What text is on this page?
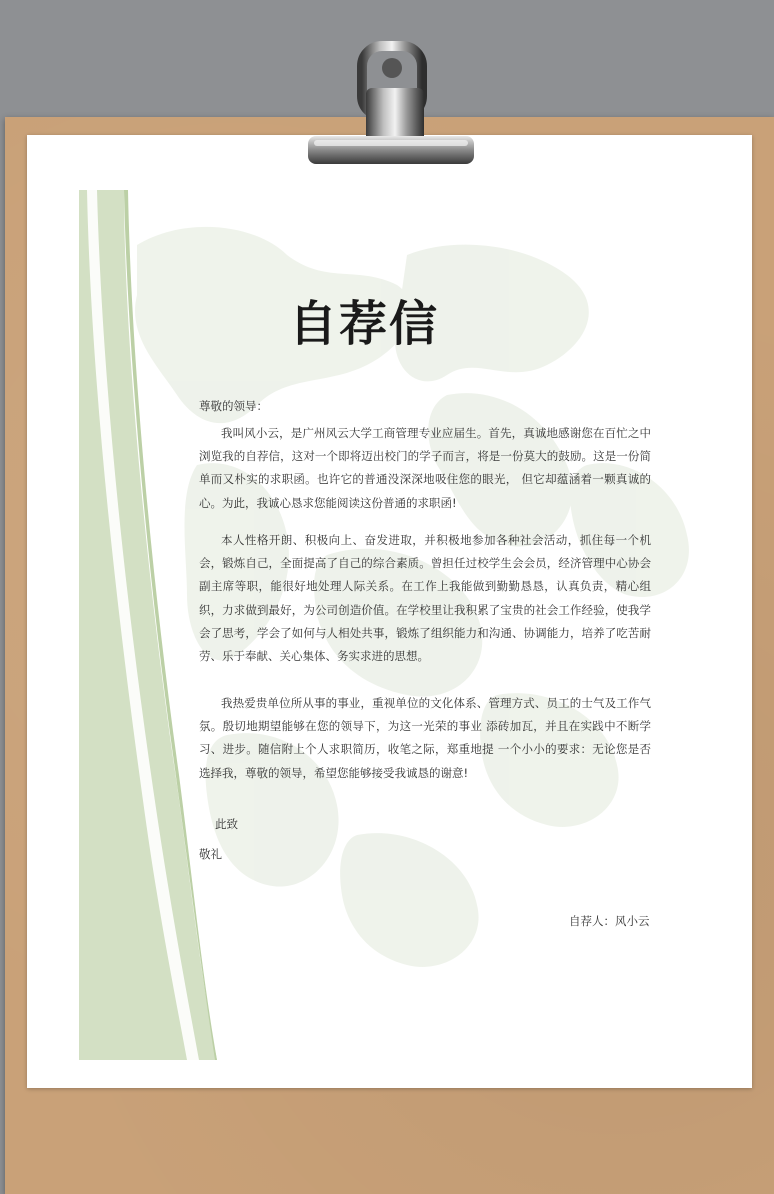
自荐信
尊敬的领导：
我叫风小云，是广州风云大学工商管理专业应届生。首先，真诚地感谢您在百忙之中浏览我的自荐信，这对一个即将迈出校门的学子而言，将是一份莫大的鼓励。这是一份简单而又朴实的求职函。也许它的普通没深深地吸住您的眼光， 但它却蕴涵着一颗真诚的心。为此，我诚心恳求您能阅读这份普通的求职函!
本人性格开朗、积极向上、奋发进取，并积极地参加各种社会活动，抓住每一个机会，锻炼自己，全面提高了自己的综合素质。曾担任过校学生会会员，经济管理中心协会副主席等职，能很好地处理人际关系。在工作上我能做到勤勤恳恳，认真负责，精心组织，力求做到最好，为公司创造价值。在学校里让我积累了宝贵的社会工作经验，使我学会了思考，学会了如何与人相处共事，锻炼了组织能力和沟通、协调能力，培养了吃苦耐劳、乐于奉献、关心集体、务实求进的思想。
我热爱贵单位所从事的事业，重视单位的文化体系、管理方式、员工的士气及工作气氛。殷切地期望能够在您的领导下，为这一光荣的事业 添砖加瓦，并且在实践中不断学习、进步。随信附上个人求职简历，收笔之际，郑重地提 一个小小的要求：无论您是否选择我，尊敬的领导，希望您能够接受我诚恳的谢意!
此致
敬礼
自荐人：风小云
